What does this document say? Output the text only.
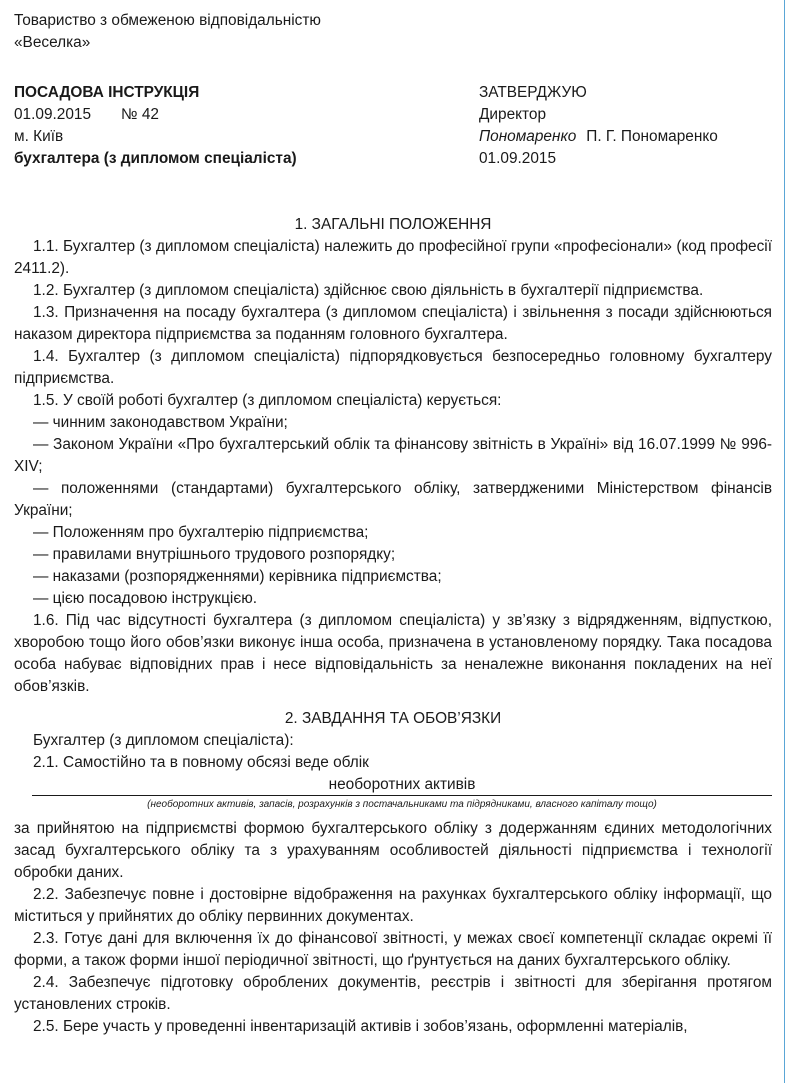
Товариство з обмеженою відповідальністю
«Веселка»
ПОСАДОВА ІНСТРУКЦІЯ
01.09.2015 № 42
м. Київ
бухгалтера (з дипломом спеціаліста)
ЗАТВЕРДЖУЮ
Директор
Пономаренко П. Г. Пономаренко
01.09.2015
1. ЗАГАЛЬНІ ПОЛОЖЕННЯ

1.1. Бухгалтер (з дипломом спеціаліста) належить до професійної групи «професіонали» (код професії 2411.2).

1.2. Бухгалтер (з дипломом спеціаліста) здійснює свою діяльність в бухгалтерії підприємства.

1.3. Призначення на посаду бухгалтера (з дипломом спеціаліста) і звільнення з посади здійснюються наказом директора підприємства за поданням головного бухгалтера.

1.4. Бухгалтер (з дипломом спеціаліста) підпорядковується безпосередньо головному бухгалтеру підприємства.

1.5. У своїй роботі бухгалтер (з дипломом спеціаліста) керується:

— чинним законодавством України;

— Законом України «Про бухгалтерський облік та фінансову звітність в Україні» від 16.07.1999 № 996-XIV;

— положеннями (стандартами) бухгалтерського обліку, затвердженими Міністерством фінансів України;

— Положенням про бухгалтерію підприємства;

— правилами внутрішнього трудового розпорядку;

— наказами (розпорядженнями) керівника підприємства;

— цією посадовою інструкцією.

1.6. Під час відсутності бухгалтера (з дипломом спеціаліста) у зв’язку з відрядженням, відпусткою, хворобою тощо його обов’язки виконує інша особа, призначена в установленому порядку. Така посадова особа набуває відповідних прав і несе відповідальність за неналежне виконання покладених на неї обов’язків.

2. ЗАВДАННЯ ТА ОБОВ’ЯЗКИ

Бухгалтер (з дипломом спеціаліста):

2.1. Самостійно та в повному обсязі веде облік

необоротних активів
(необоротних активів, запасів, розрахунків з постачальниками та підрядниками, власного капіталу тощо)

за прийнятою на підприємстві формою бухгалтерського обліку з додержанням єдиних методологічних засад бухгалтерського обліку та з урахуванням особливостей діяльності підприємства і технології обробки даних.

2.2. Забезпечує повне і достовірне відображення на рахунках бухгалтерського обліку інформації, що міститься у прийнятих до обліку первинних документах.

2.3. Готує дані для включення їх до фінансової звітності, у межах своєї компетенції складає окремі її форми, а також форми іншої періодичної звітності, що ґрунтується на даних бухгалтерського обліку.

2.4. Забезпечує підготовку оброблених документів, реєстрів і звітності для зберігання протягом установлених строків.

2.5. Бере участь у проведенні інвентаризацій активів і зобов’язань, оформленні матеріалів,
